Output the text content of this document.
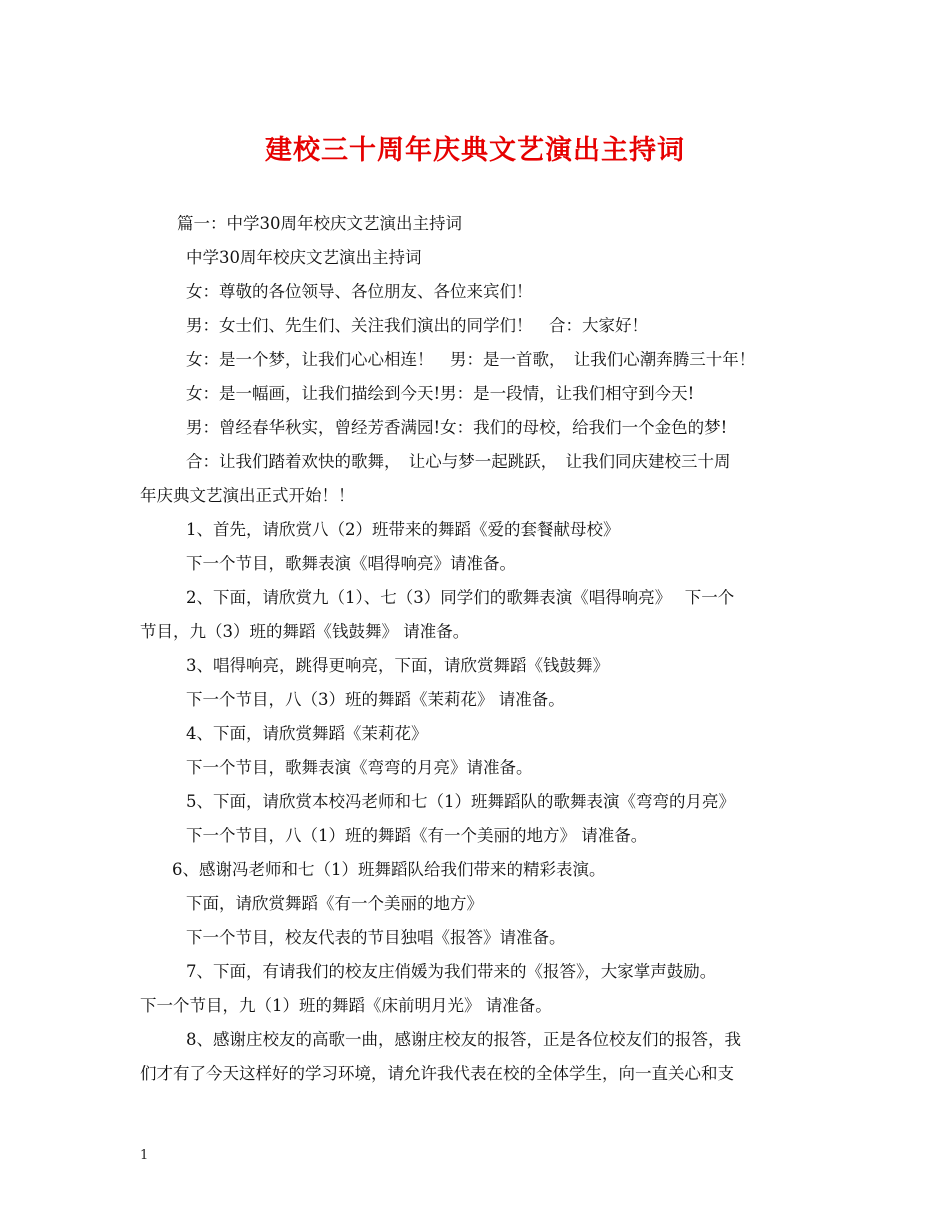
建校三十周年庆典文艺演出主持词
篇一：中学30周年校庆文艺演出主持词
中学30周年校庆文艺演出主持词
女：尊敬的各位领导、各位朋友、各位来宾们！
男：女士们、先生们、关注我们演出的同学们！　合：大家好！
女：是一个梦，让我们心心相连！　男：是一首歌，　让我们心潮奔腾三十年！
女：是一幅画，让我们描绘到今天!男：是一段情，让我们相守到今天!
男：曾经春华秋实，曾经芳香满园!女：我们的母校，给我们一个金色的梦!
合：让我们踏着欢快的歌舞，　让心与梦一起跳跃，　让我们同庆建校三十周
年庆典文艺演出正式开始！！
1、首先，请欣赏八（2）班带来的舞蹈《爱的套餐献母校》
下一个节目，歌舞表演《唱得响亮》请准备。
2、下面，请欣赏九（1）、七（3）同学们的歌舞表演《唱得响亮》　 下一个
节目，九（3）班的舞蹈《钱鼓舞》 请准备。
3、唱得响亮，跳得更响亮，下面，请欣赏舞蹈《钱鼓舞》
下一个节目，八（3）班的舞蹈《茉莉花》 请准备。
4、下面，请欣赏舞蹈《茉莉花》
下一个节目，歌舞表演《弯弯的月亮》请准备。
5、下面，请欣赏本校冯老师和七（1）班舞蹈队的歌舞表演《弯弯的月亮》
下一个节目，八（1）班的舞蹈《有一个美丽的地方》 请准备。
6、感谢冯老师和七（1）班舞蹈队给我们带来的精彩表演。
下面，请欣赏舞蹈《有一个美丽的地方》
下一个节目，校友代表的节目独唱《报答》请准备。
7、下面，有请我们的校友庄俏媛为我们带来的《报答》，大家掌声鼓励。
下一个节目，九（1）班的舞蹈《床前明月光》 请准备。
8、感谢庄校友的高歌一曲，感谢庄校友的报答，正是各位校友们的报答，我
们才有了今天这样好的学习环境，请允许我代表在校的全体学生，向一直关心和支
1
